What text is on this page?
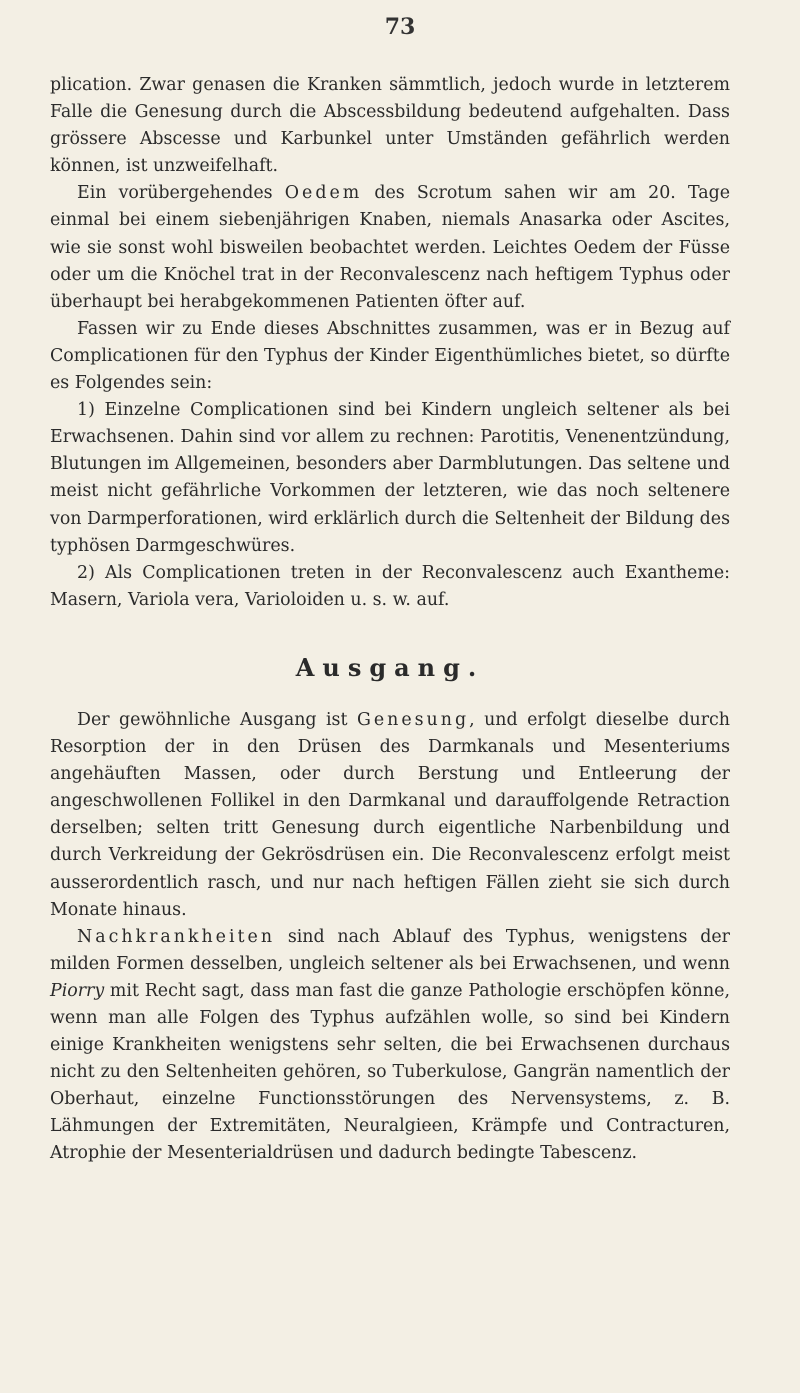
73

plication. Zwar genasen die Kranken sämmtlich, jedoch wurde in letzterem Falle die Genesung durch die Abscessbildung bedeutend aufgehalten. Dass grössere Abscesse und Karbunkel unter Umständen gefährlich werden können, ist unzweifelhaft.

Ein vorübergehendes Oedem des Scrotum sahen wir am 20. Tage einmal bei einem siebenjährigen Knaben, niemals Anasarka oder Ascites, wie sie sonst wohl bisweilen beobachtet werden. Leichtes Oedem der Füsse oder um die Knöchel trat in der Reconvalescenz nach heftigem Typhus oder überhaupt bei herabgekommenen Patienten öfter auf.

Fassen wir zu Ende dieses Abschnittes zusammen, was er in Bezug auf Complicationen für den Typhus der Kinder Eigenthümliches bietet, so dürfte es Folgendes sein:

1) Einzelne Complicationen sind bei Kindern ungleich seltener als bei Erwachsenen. Dahin sind vor allem zu rechnen: Parotitis, Venenentzündung, Blutungen im Allgemeinen, besonders aber Darmblutungen. Das seltene und meist nicht gefährliche Vorkommen der letzteren, wie das noch seltenere von Darmperforationen, wird erklärlich durch die Seltenheit der Bildung des typhösen Darmgeschwüres.

2) Als Complicationen treten in der Reconvalescenz auch Exantheme: Masern, Variola vera, Varioloiden u. s. w. auf.

Ausgang.

Der gewöhnliche Ausgang ist Genesung, und erfolgt dieselbe durch Resorption der in den Drüsen des Darmkanals und Mesenteriums angehäuften Massen, oder durch Berstung und Entleerung der angeschwollenen Follikel in den Darmkanal und darauffolgende Retraction derselben; selten tritt Genesung durch eigentliche Narbenbildung und durch Verkreidung der Gekrösdrüsen ein. Die Reconvalescenz erfolgt meist ausserordentlich rasch, und nur nach heftigen Fällen zieht sie sich durch Monate hinaus.

Nachkrankheiten sind nach Ablauf des Typhus, wenigstens der milden Formen desselben, ungleich seltener als bei Erwachsenen, und wenn Piorry mit Recht sagt, dass man fast die ganze Pathologie erschöpfen könne, wenn man alle Folgen des Typhus aufzählen wolle, so sind bei Kindern einige Krankheiten wenigstens sehr selten, die bei Erwachsenen durchaus nicht zu den Seltenheiten gehören, so Tuberkulose, Gangrän namentlich der Oberhaut, einzelne Functionsstörungen des Nervensystems, z. B. Lähmungen der Extremitäten, Neuralgieen, Krämpfe und Contracturen, Atrophie der Mesenterialdrüsen und dadurch bedingte Tabescenz.
